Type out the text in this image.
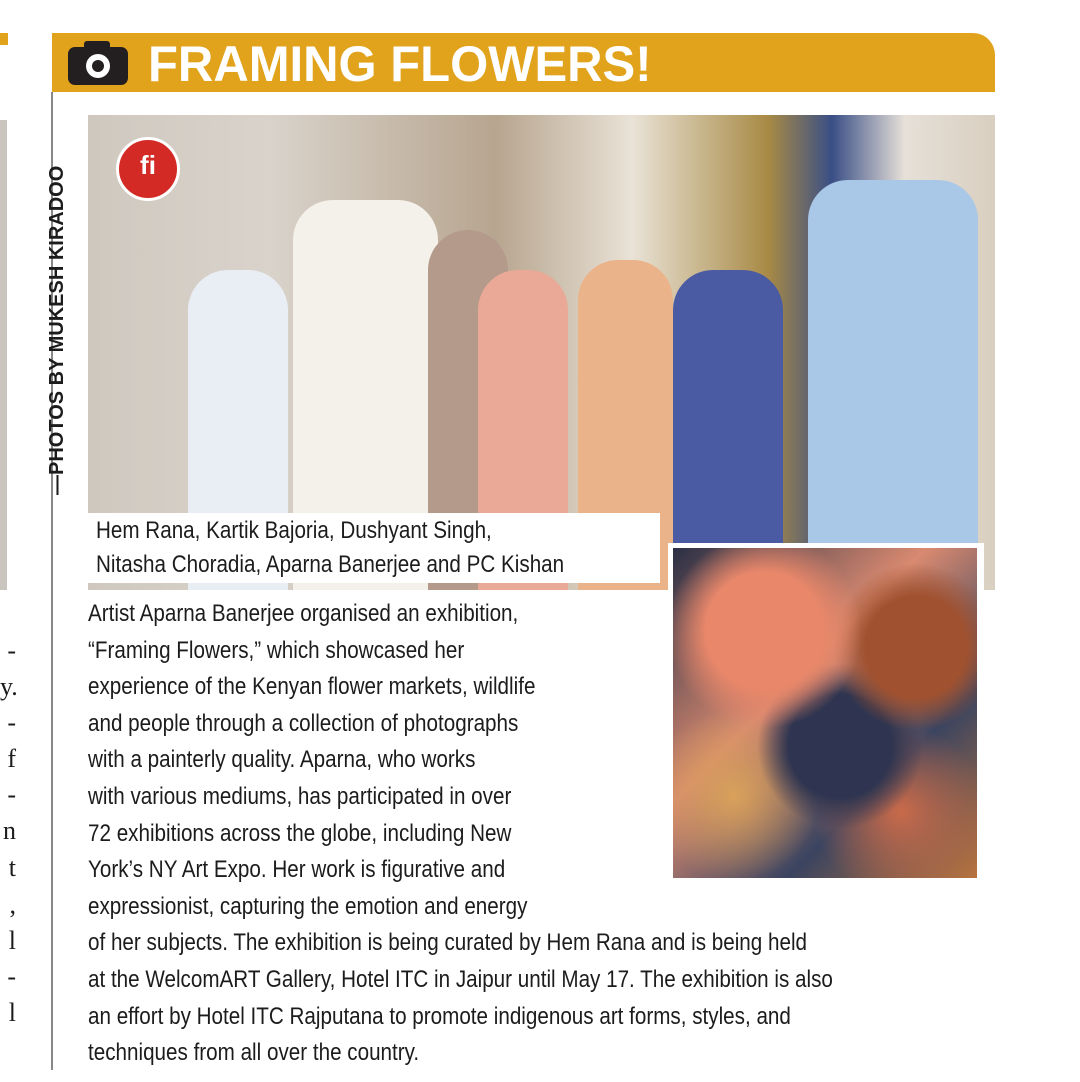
-
y.
-
f
-
n
t
,
l
-
l
FRAMING FLOWERS!
—PHOTOS BY MUKESH KIRADOO
fi
Hem Rana, Kartik Bajoria, Dushyant Singh,
Nitasha Choradia, Aparna Banerjee and PC Kishan
Artist Aparna Banerjee organised an exhibition,
“Framing Flowers,” which showcased her
experience of the Kenyan flower markets, wildlife
and people through a collection of photographs
with a painterly quality. Aparna, who works
with various mediums, has participated in over
72 exhibitions across the globe, including New
York’s NY Art Expo. Her work is figurative and
expressionist, capturing the emotion and energy
of her subjects. The exhibition is being curated by Hem Rana and is being held
at the WelcomART Gallery, Hotel ITC in Jaipur until May 17. The exhibition is also
an effort by Hotel ITC Rajputana to promote indigenous art forms, styles, and
techniques from all over the country.
